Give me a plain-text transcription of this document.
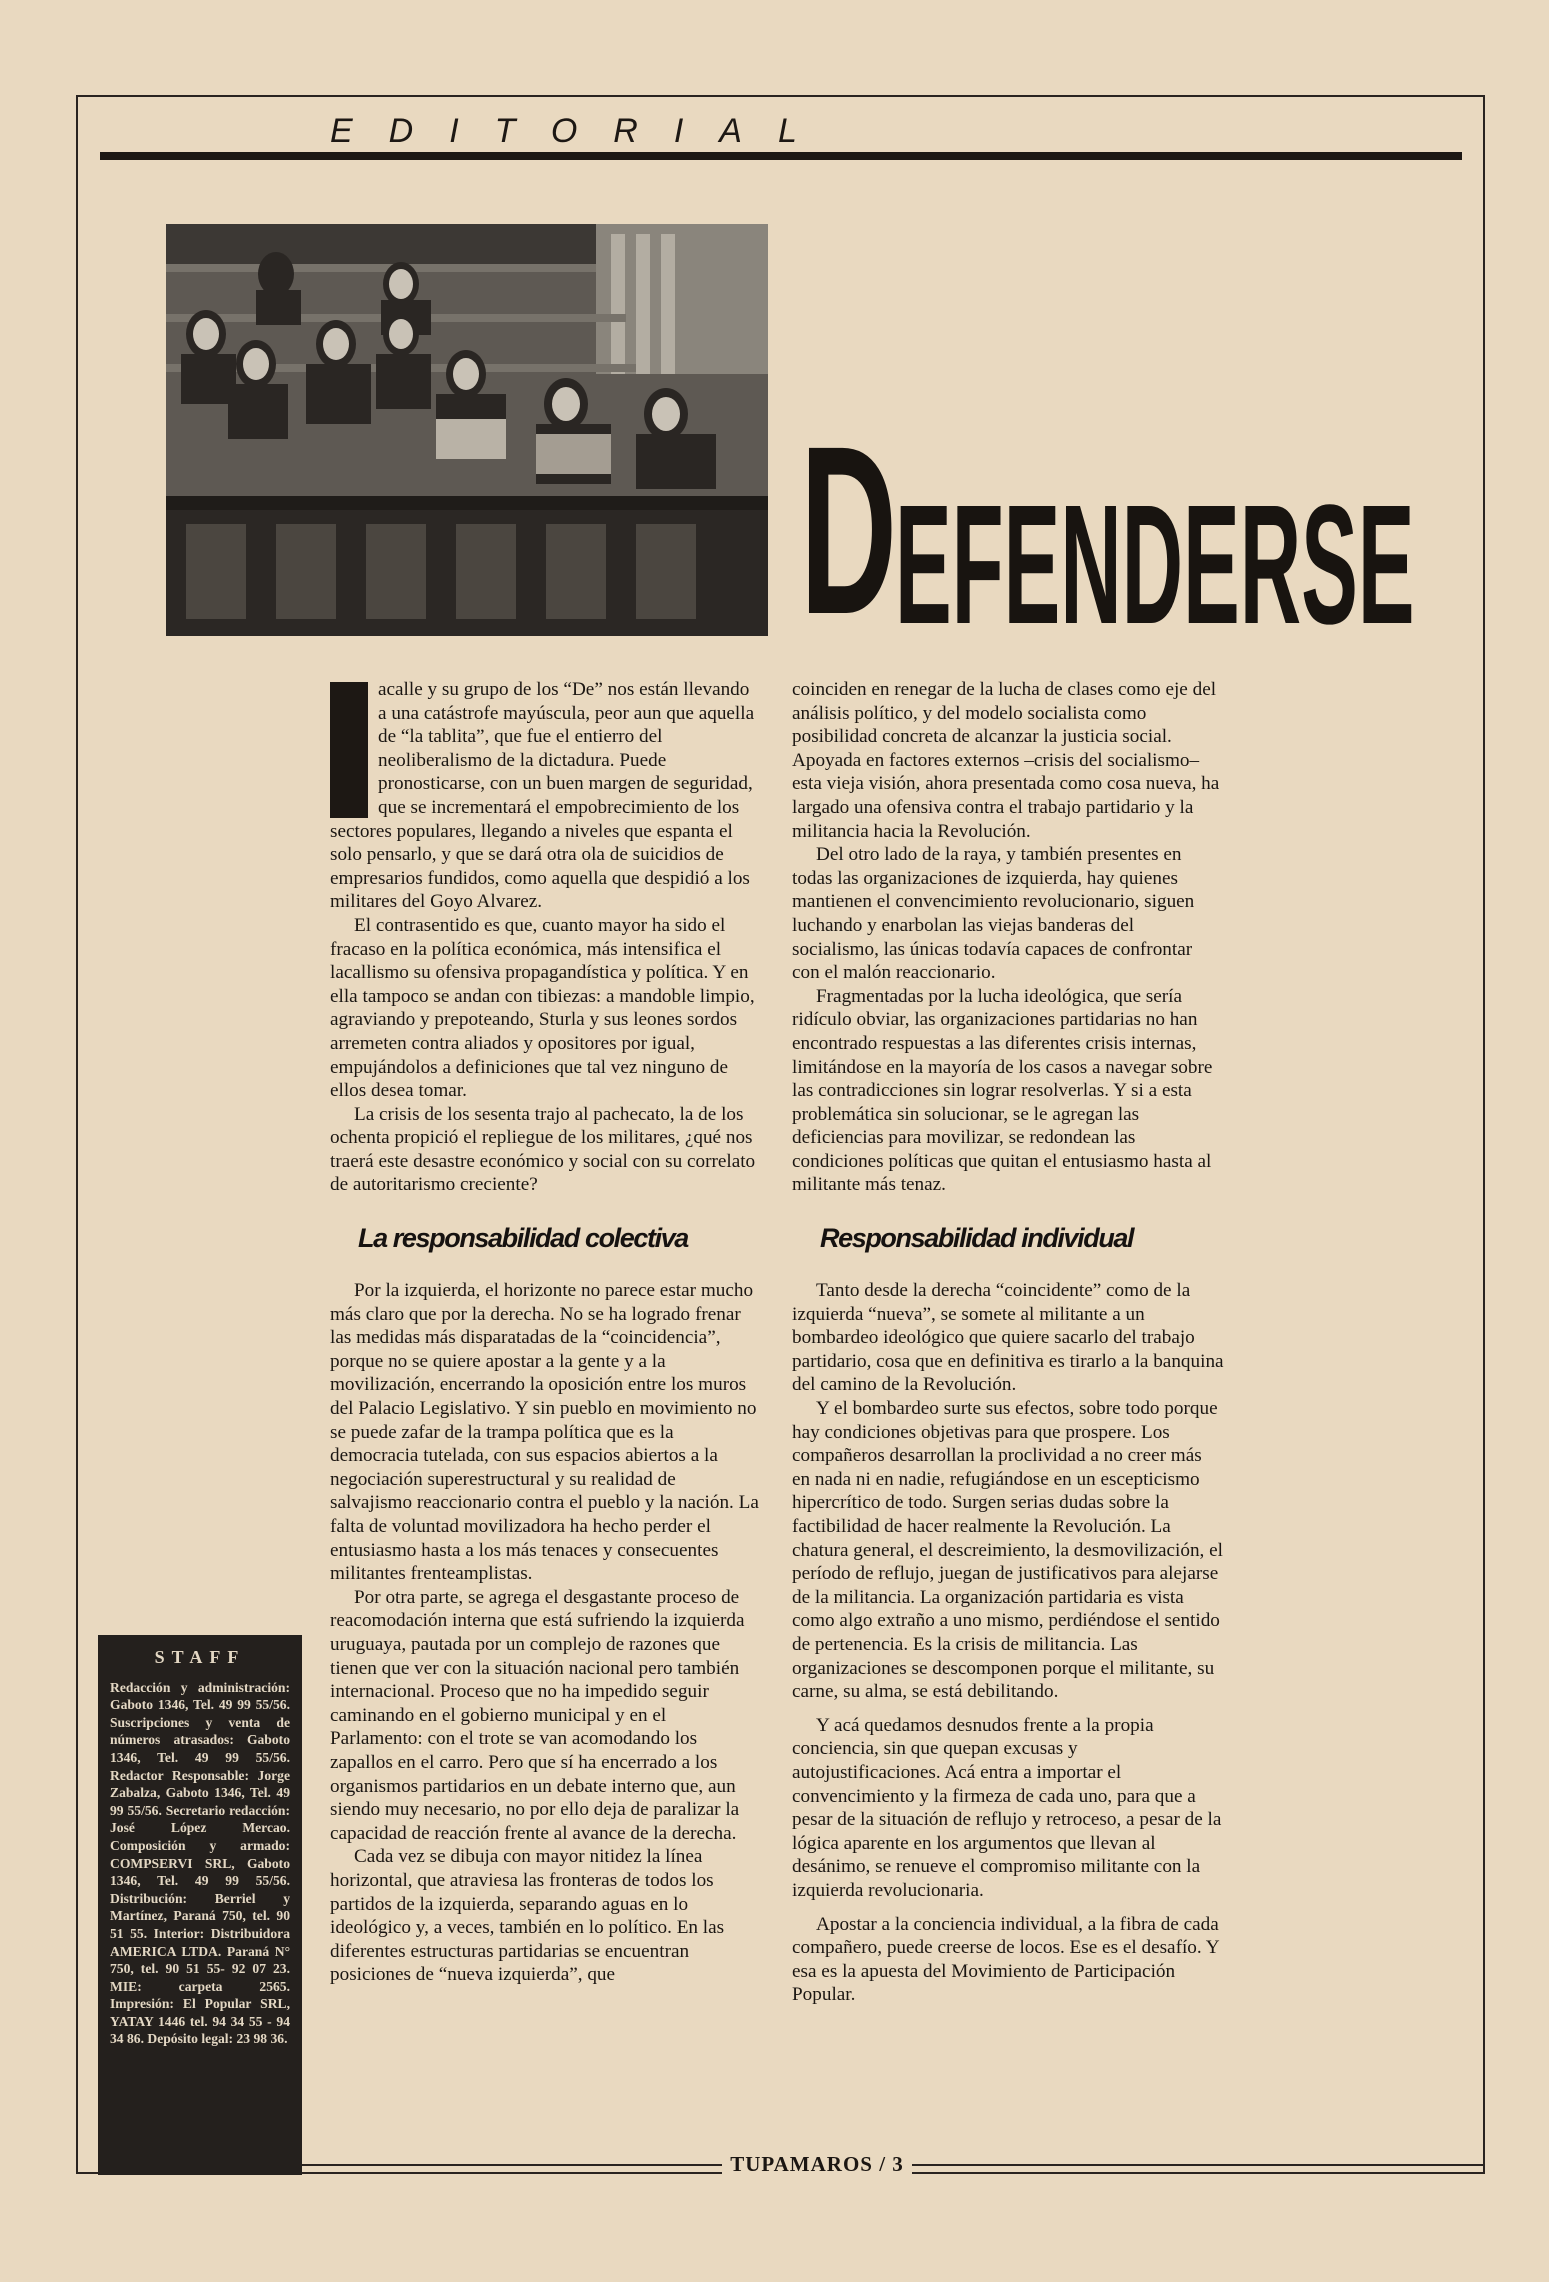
EDITORIAL
D
EFENDERSE

acalle y su grupo de los “De” nos están llevando a una catástrofe mayúscula, peor aun que aquella de “la tablita”, que fue el entierro del neoliberalismo de la dictadura. Puede pronosticarse, con un buen margen de seguridad, que se incrementará el empobrecimiento de los sectores populares, llegando a niveles que espanta el solo pensarlo, y que se dará otra ola de suicidios de empresarios fundidos, como aquella que despidió a los militares del Goyo Alvarez.

El contrasentido es que, cuanto mayor ha sido el fracaso en la política económica, más intensifica el lacallismo su ofensiva propagandística y política. Y en ella tampoco se andan con tibiezas: a mandoble limpio, agraviando y prepoteando, Sturla y sus leones sordos arremeten contra aliados y opositores por igual, empujándolos a definiciones que tal vez ninguno de ellos desea tomar.

La crisis de los sesenta trajo al pachecato, la de los ochenta propició el repliegue de los militares, ¿qué nos traerá este desastre económico y social con su correlato de autoritarismo creciente?

La responsabilidad colectiva

Por la izquierda, el horizonte no parece estar mucho más claro que por la derecha. No se ha logrado frenar las medidas más disparatadas de la “coincidencia”, porque no se quiere apostar a la gente y a la movilización, encerrando la oposición entre los muros del Palacio Legislativo. Y sin pueblo en movimiento no se puede zafar de la trampa política que es la democracia tutelada, con sus espacios abiertos a la negociación superestructural y su realidad de salvajismo reaccionario contra el pueblo y la nación. La falta de voluntad movilizadora ha hecho perder el entusiasmo hasta a los más tenaces y consecuentes militantes frenteamplistas.

Por otra parte, se agrega el desgastante proceso de reacomodación interna que está sufriendo la izquierda uruguaya, pautada por un complejo de razones que tienen que ver con la situación nacional pero también internacional. Proceso que no ha impedido seguir caminando en el gobierno municipal y en el Parlamento: con el trote se van acomodando los zapallos en el carro. Pero que sí ha encerrado a los organismos partidarios en un debate interno que, aun siendo muy necesario, no por ello deja de paralizar la capacidad de reacción frente al avance de la derecha.

Cada vez se dibuja con mayor nitidez la línea horizontal, que atraviesa las fronteras de todos los partidos de la izquierda, separando aguas en lo ideológico y, a veces, también en lo político. En las diferentes estructuras partidarias se encuentran posiciones de “nueva izquierda”, que

coinciden en renegar de la lucha de clases como eje del análisis político, y del modelo socialista como posibilidad concreta de alcanzar la justicia social. Apoyada en factores externos –crisis del socialismo– esta vieja visión, ahora presentada como cosa nueva, ha largado una ofensiva contra el trabajo partidario y la militancia hacia la Revolución.

Del otro lado de la raya, y también presentes en todas las organizaciones de izquierda, hay quienes mantienen el convencimiento revolucionario, siguen luchando y enarbolan las viejas banderas del socialismo, las únicas todavía capaces de confrontar con el malón reaccionario.

Fragmentadas por la lucha ideológica, que sería ridículo obviar, las organizaciones partidarias no han encontrado respuestas a las diferentes crisis internas, limitándose en la mayoría de los casos a navegar sobre las contradicciones sin lograr resolverlas. Y si a esta problemática sin solucionar, se le agregan las deficiencias para movilizar, se redondean las condiciones políticas que quitan el entusiasmo hasta al militante más tenaz.

Responsabilidad individual

Tanto desde la derecha “coincidente” como de la izquierda “nueva”, se somete al militante a un bombardeo ideológico que quiere sacarlo del trabajo partidario, cosa que en definitiva es tirarlo a la banquina del camino de la Revolución.

Y el bombardeo surte sus efectos, sobre todo porque hay condiciones objetivas para que prospere. Los compañeros desarrollan la proclividad a no creer más en nada ni en nadie, refugiándose en un escepticismo hipercrítico de todo. Surgen serias dudas sobre la factibilidad de hacer realmente la Revolución. La chatura general, el descreimiento, la desmovilización, el período de reflujo, juegan de justificativos para alejarse de la militancia. La organización partidaria es vista como algo extraño a uno mismo, perdiéndose el sentido de pertenencia. Es la crisis de militancia. Las organizaciones se descomponen porque el militante, su carne, su alma, se está debilitando.

Y acá quedamos desnudos frente a la propia conciencia, sin que quepan excusas y autojustificaciones. Acá entra a importar el convencimiento y la firmeza de cada uno, para que a pesar de la situación de reflujo y retroceso, a pesar de la lógica aparente en los argumentos que llevan al desánimo, se renueve el compromiso militante con la izquierda revolucionaria.

Apostar a la conciencia individual, a la fibra de cada compañero, puede creerse de locos. Ese es el desafío. Y esa es la apuesta del Movimiento de Participación Popular.

STAFF
Redacción y administración: Gaboto 1346, Tel. 49 99 55/56. Suscripciones y venta de números atrasados: Gaboto 1346, Tel. 49 99 55/56. Redactor Responsable: Jorge Zabalza, Gaboto 1346, Tel. 49 99 55/56. Secretario redacción: José López Mercao. Composición y armado: COMPSERVI SRL, Gaboto 1346, Tel. 49 99 55/56. Distribución: Berriel y Martínez, Paraná 750, tel. 90 51 55. Interior: Distribuidora AMERICA LTDA. Paraná N° 750, tel. 90 51 55- 92 07 23. MIE: carpeta 2565. Impresión: El Popular SRL, YATAY 1446 tel. 94 34 55 - 94 34 86. Depósito legal: 23 98 36.
TUPAMAROS / 3
